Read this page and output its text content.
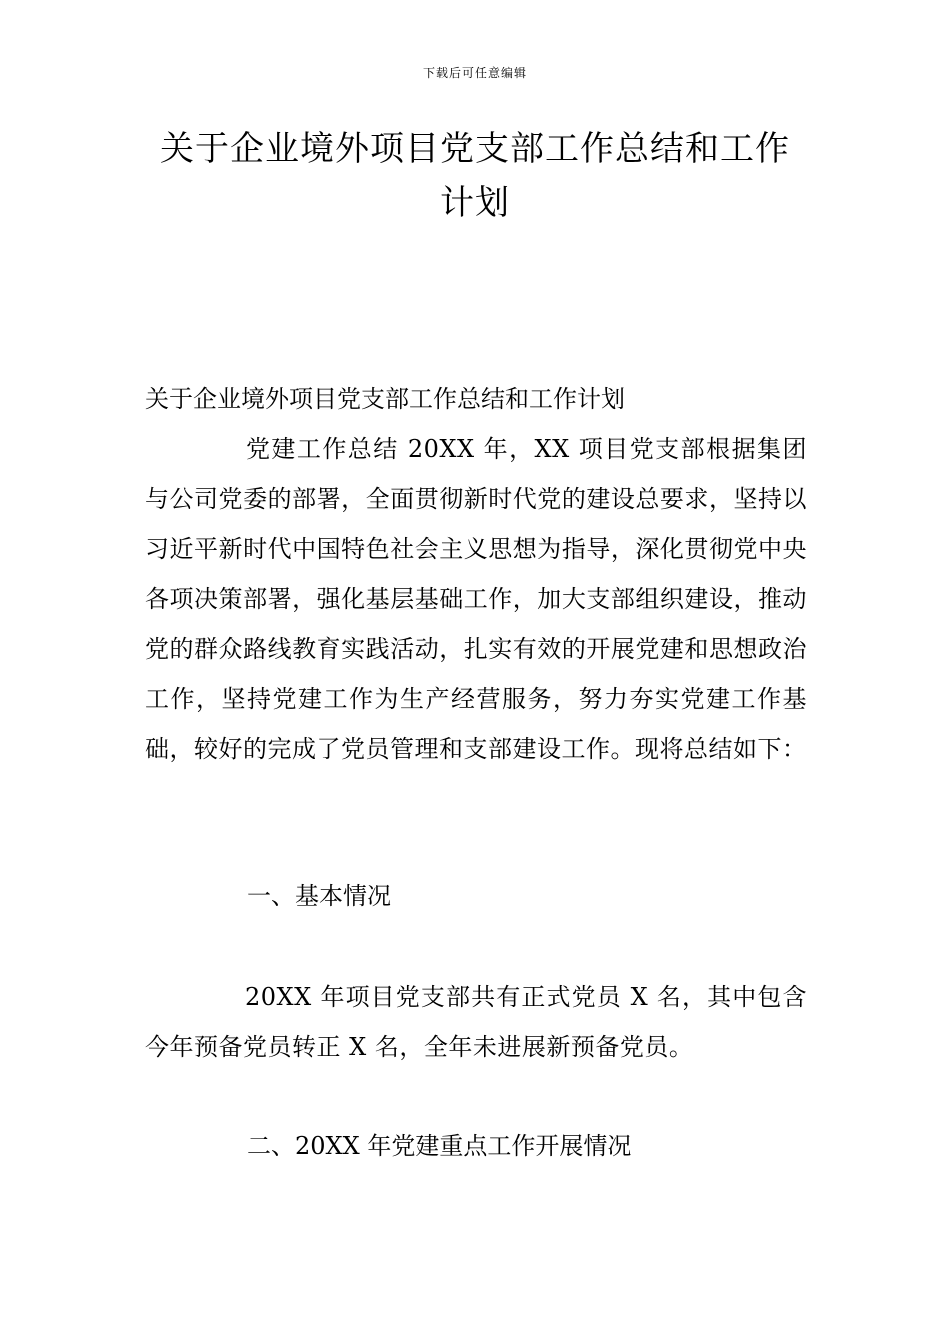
下载后可任意编辑
关于企业境外项目党支部工作总结和工作计划

关于企业境外项目党支部工作总结和工作计划

党建工作总结 20XX 年，XX 项目党支部根据集团与公司党委的部署，全面贯彻新时代党的建设总要求，坚持以习近平新时代中国特色社会主义思想为指导，深化贯彻党中央各项决策部署，强化基层基础工作，加大支部组织建设，推动党的群众路线教育实践活动，扎实有效的开展党建和思想政治工作，坚持党建工作为生产经营服务，努力夯实党建工作基础，较好的完成了党员管理和支部建设工作。现将总结如下：

一、基本情况

20XX 年项目党支部共有正式党员 X 名，其中包含今年预备党员转正 X 名，全年未进展新预备党员。

二、20XX 年党建重点工作开展情况
